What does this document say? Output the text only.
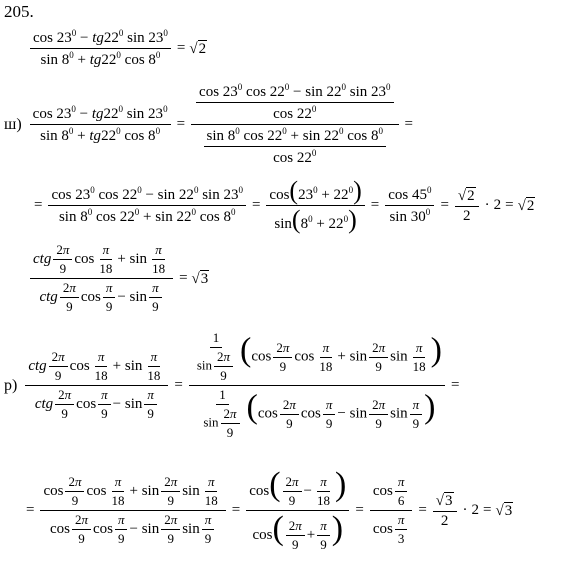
205.
$\frac{\cos 23^0 - tg22^0 \sin 23^0}{\sin 8^0 + tg22^0 \cos 8^0}$ = √ 2
$ш) \frac{\cos 23^0 - tg22^0 \sin 23^0}{\sin 8^0 + tg22^0 \cos 8^0} = \frac{\frac{\cos 23^0 \cos 22^0 - \sin 22^0 \sin 23^0}{\cos 22^0}}{\frac{\sin 8^0 \cos 22^0 + \sin 22^0 \cos 8^0}{\cos 22^0}}$ =
= $\frac{\cos 23^0 \cos 22^0 - \sin 22^0 \sin 23^0}{\sin 8^0 \cos 22^0 + \sin 22^0 \cos 8^0} = \frac{\cos(23^0 + 22^0)}{\sin(8^0 + 22^0)} = \frac{\cos 45^0}{\sin 30^0} = \frac{√ 2}{2} \cdot 2$ = √ 2
ctg $\frac{2\pi}{9}$ $\cos \frac{\pi}{18} + \sin \frac{\pi}{18}$
ctg $\frac{2\pi}{9}$ $\cos \frac{\pi}{9} - \sin \frac{\pi}{9}$
= √ 3
р)
ctg $\frac{2\pi}{9}$ $\cos \frac{\pi}{18} + \sin \frac{\pi}{18}$
ctg $\frac{2\pi}{9}$ $\cos \frac{\pi}{9} - \sin \frac{\pi}{9}$
= $\frac{\frac{1}{\sin \frac{2\pi}{9}} (\cos \frac{2\pi}{9} \cos \frac{\pi}{18} + \sin \frac{2\pi}{9} \sin \frac{\pi}{18} )}{\frac{1}{\sin \frac{2\pi}{9}} (\cos \frac{2\pi}{9} \cos \frac{\pi}{9} - \sin \frac{2\pi}{9} \sin \frac{\pi}{9} )}$ =
= $\frac{\cos \frac{2\pi}{9} \cos \frac{\pi}{18} + \sin \frac{2\pi}{9} \sin \frac{\pi}{18}}{\cos \frac{2\pi}{9} \cos \frac{\pi}{9} - \sin \frac{2\pi}{9} \sin \frac{\pi}{9}} = \frac{\cos( \frac{2\pi}{9} - \frac{\pi}{18} )}{\cos( \frac{2\pi}{9} + \frac{\pi}{9} )} = \frac{\cos \frac{\pi}{6}}{\cos \frac{\pi}{3}} = \frac{√ 3}{2} \cdot 2$ = √ 3
